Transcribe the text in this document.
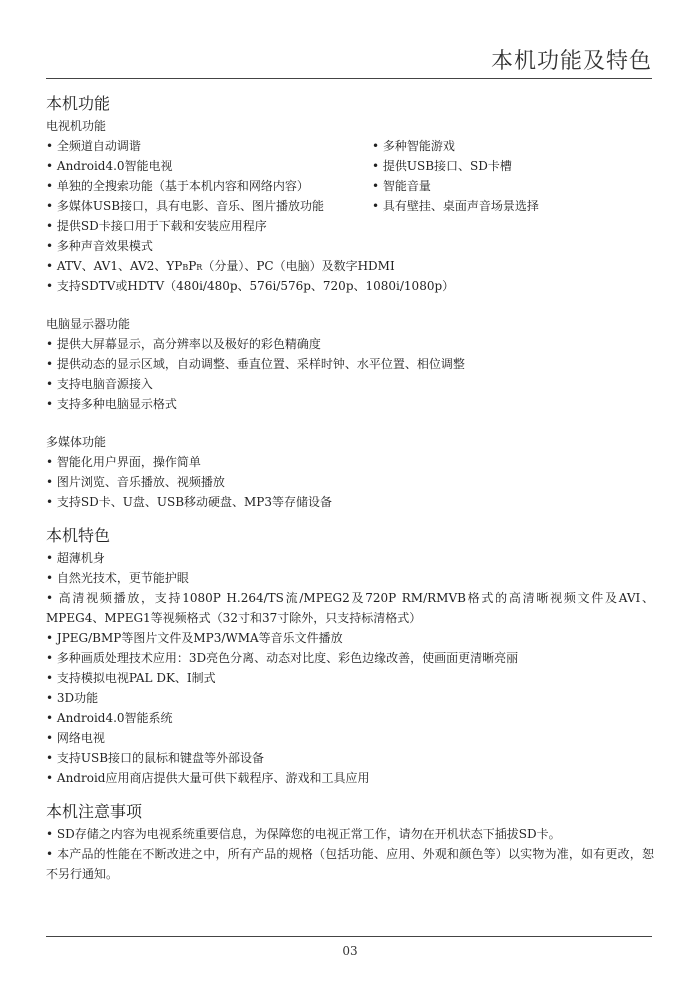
本机功能及特色
本机功能
电视机功能
• 全频道自动调谐
• Android4.0智能电视
• 单独的全搜索功能（基于本机内容和网络内容）
• 多媒体USB接口，具有电影、音乐、图片播放功能
• 多种智能游戏
• 提供USB接口、SD卡槽
• 智能音量
• 具有壁挂、桌面声音场景选择
• 提供SD卡接口用于下载和安装应用程序
• 多种声音效果模式
• ATV、AV1、AV2、YPBPR（分量）、PC（电脑）及数字HDMI
• 支持SDTV或HDTV（480i/480p、576i/576p、720p、1080i/1080p）
电脑显示器功能
• 提供大屏幕显示，高分辨率以及极好的彩色精确度
• 提供动态的显示区域，自动调整、垂直位置、采样时钟、水平位置、相位调整
• 支持电脑音源接入
• 支持多种电脑显示格式
多媒体功能
• 智能化用户界面，操作简单
• 图片浏览、音乐播放、视频播放
• 支持SD卡、U盘、USB移动硬盘、MP3等存储设备
本机特色
• 超薄机身
• 自然光技术，更节能护眼
• 高清视频播放，支持1080P H.264/TS流/MPEG2及720P RM/RMVB格式的高清晰视频文件及AVI、MPEG4、MPEG1等视频格式（32寸和37寸除外，只支持标清格式）
• JPEG/BMP等图片文件及MP3/WMA等音乐文件播放
• 多种画质处理技术应用：3D亮色分离、动态对比度、彩色边缘改善，使画面更清晰亮丽
• 支持模拟电视PAL DK、I制式
• 3D功能
• Android4.0智能系统
• 网络电视
• 支持USB接口的鼠标和键盘等外部设备
• Android应用商店提供大量可供下载程序、游戏和工具应用
本机注意事项
• SD存储之内容为电视系统重要信息，为保障您的电视正常工作，请勿在开机状态下插拔SD卡。
• 本产品的性能在不断改进之中，所有产品的规格（包括功能、应用、外观和颜色等）以实物为准，如有更改，恕不另行通知。
03
